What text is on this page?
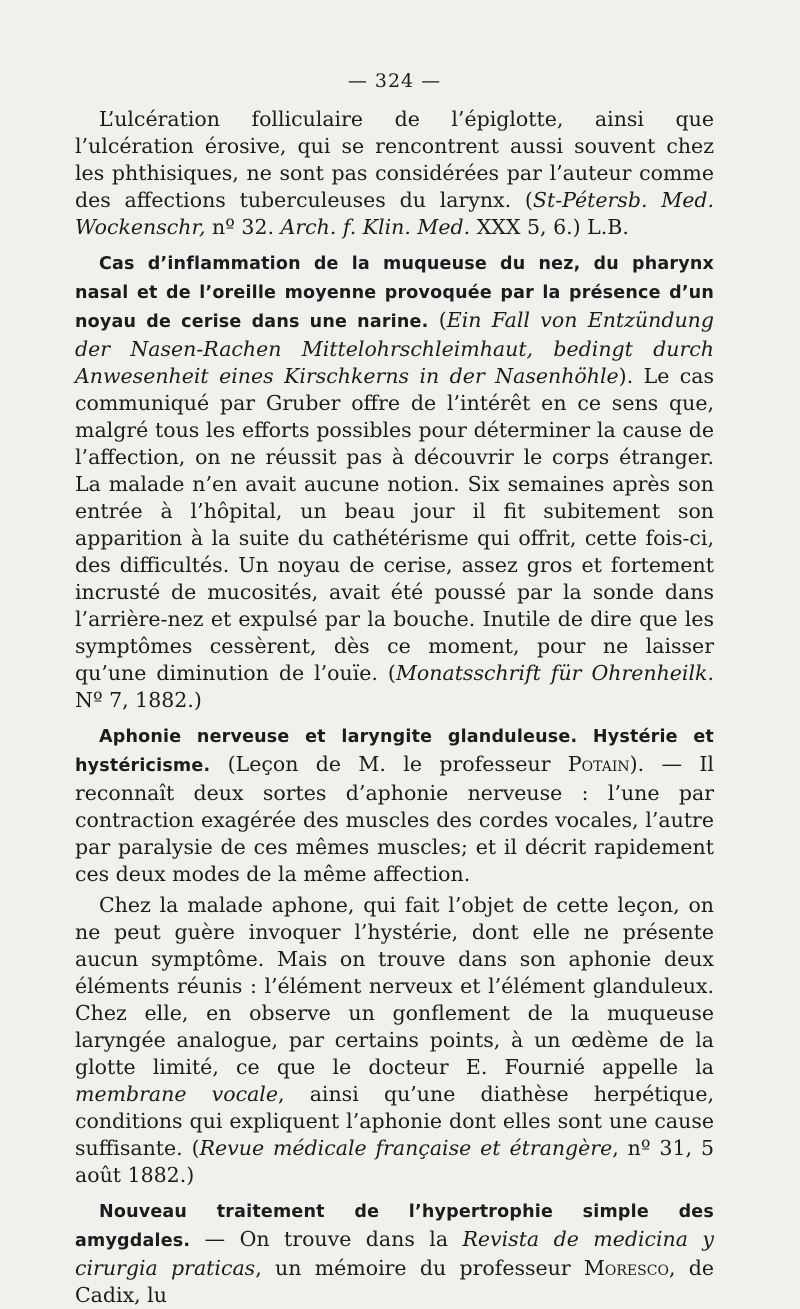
— 324 —

L’ulcération folliculaire de l’épiglotte, ainsi que l’ulcération érosive, qui se rencontrent aussi souvent chez les phthisiques, ne sont pas considérées par l’auteur comme des affections tuberculeuses du larynx. (St-Pétersb. Med. Wockenschr, nº 32. Arch. f. Klin. Med. XXX 5, 6.) L.B.

Cas d’inflammation de la muqueuse du nez, du pharynx nasal et de l’oreille moyenne provoquée par la présence d’un noyau de cerise dans une narine. (Ein Fall von Entzündung der Nasen-Rachen Mittelohrschleimhaut, bedingt durch Anwesenheit eines Kirschkerns in der Nasenhöhle). Le cas communiqué par Gruber offre de l’intérêt en ce sens que, malgré tous les efforts possibles pour déterminer la cause de l’affection, on ne réussit pas à découvrir le corps étranger. La malade n’en avait aucune notion. Six semaines après son entrée à l’hôpital, un beau jour il fit subitement son apparition à la suite du cathétérisme qui offrit, cette fois-ci, des difficultés. Un noyau de cerise, assez gros et fortement incrusté de mucosités, avait été poussé par la sonde dans l’arrière-nez et expulsé par la bouche. Inutile de dire que les symptômes cessèrent, dès ce moment, pour ne laisser qu’une diminution de l’ouïe. (Monatsschrift für Ohrenheilk. Nº 7, 1882.)

Aphonie nerveuse et laryngite glanduleuse. Hystérie et hystéricisme. (Leçon de M. le professeur Potain). — Il reconnaît deux sortes d’aphonie nerveuse : l’une par contraction exagérée des muscles des cordes vocales, l’autre par paralysie de ces mêmes muscles; et il décrit rapidement ces deux modes de la même affection.

Chez la malade aphone, qui fait l’objet de cette leçon, on ne peut guère invoquer l’hystérie, dont elle ne présente aucun symptôme. Mais on trouve dans son aphonie deux éléments réunis : l’élément nerveux et l’élément glanduleux. Chez elle, en observe un gonflement de la muqueuse laryngée analogue, par certains points, à un œdème de la glotte limité, ce que le docteur E. Fournié appelle la membrane vocale, ainsi qu’une diathèse herpétique, conditions qui expliquent l’aphonie dont elles sont une cause suffisante. (Revue médicale française et étrangère, nº 31, 5 août 1882.)

Nouveau traitement de l’hypertrophie simple des amygdales. — On trouve dans la Revista de medicina y cirurgia praticas, un mémoire du professeur Moresco, de Cadix, lu
